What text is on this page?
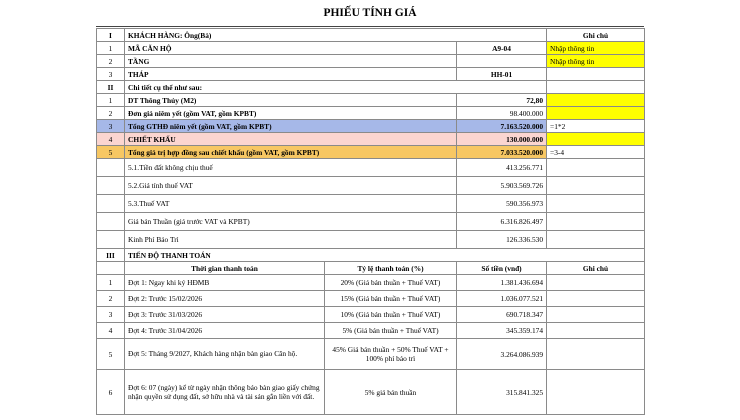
PHIẾU TÍNH GIÁ
I	KHÁCH HÀNG: Ông(Bà)			Ghi chú
1	MÃ CĂN HỘ		A9-04	Nhập thông tin
2	TẦNG			Nhập thông tin
3	THÁP		HH-01	
II	Chi tiết cụ thể như sau:			
1	DT Thông Thủy (M2)		72,80	
2	Đơn giá niêm yết (gồm VAT, gồm KPBT)		98.400.000	
3	Tổng GTHĐ niêm yết (gồm VAT, gồm KPBT)		7.163.520.000	=1*2
4	CHIẾT KHẤU		130.000.000	
5	Tổng giá trị hợp đồng sau chiết khấu (gồm VAT, gồm KPBT)		7.033.520.000	=3-4
	5.1.Tiền đất không chịu thuế		413.256.771	
	5.2.Giá tính thuế VAT		5.903.569.726	
	5.3.Thuế VAT		590.356.973	
	Giá bán Thuần (giá trước VAT và KPBT)		6.316.826.497	
	Kinh Phí Bảo Trì		126.336.530	
III	TIẾN ĐỘ THANH TOÁN			
	Thời gian thanh toán	Tỷ lệ thanh toán (%)	Số tiền (vnđ)	Ghi chú
1	Đợt 1: Ngay khi ký HĐMB	20% (Giá bán thuần + Thuế VAT)	1.381.436.694	
2	Đợt 2: Trước 15/02/2026	15% (Giá bán thuần + Thuế VAT)	1.036.077.521	
3	Đợt 3: Trước 31/03/2026	10% (Giá bán thuần + Thuế VAT)	690.718.347	
4	Đợt 4: Trước 31/04/2026	5% (Giá bán thuần + Thuế VAT)	345.359.174	
5	Đợt 5: Tháng 9/2027, Khách hàng nhận bàn giao Căn hộ.	45% Giá bán thuần + 50% Thuế VAT + 100% phí bảo trì	3.264.086.939	
6	Đợt 6: 07 (ngày) kể từ ngày nhận thông báo bàn giao giấy chứng nhận quyền sử dụng đất, sở hữu nhà và tài sản gắn liền với đất.	5% giá bán thuần	315.841.325	
